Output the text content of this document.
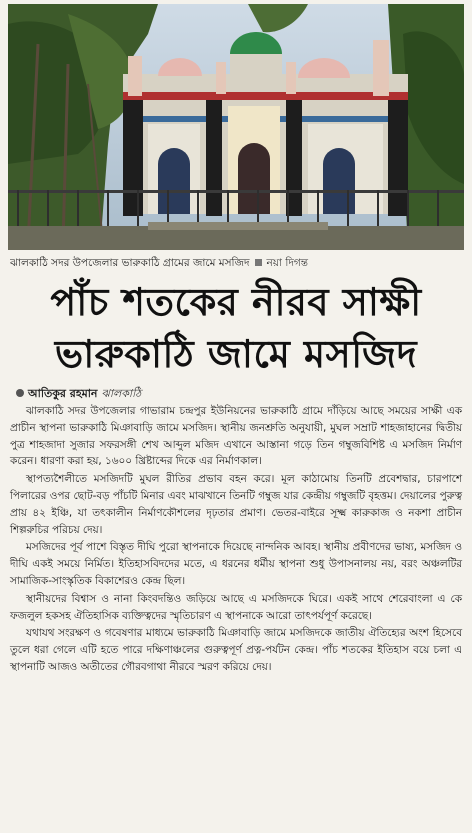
ঝালকাঠি সদর উপজেলার ভারুকাঠি গ্রামের জামে মসজিদ নয়া দিগন্ত
পাঁচ শতকের নীরব সাক্ষী
ভারুকাঠি জামে মসজিদ
আতিকুর রহমান ঝালকাঠি

ঝালকাঠি সদর উপজেলার গাভারাম চন্দ্রপুর ইউনিয়নের ভারুকাঠি গ্রামে দাঁড়িয়ে আছে সময়ের সাক্ষী এক প্রাচীন স্থাপনা ভারুকাঠি মিঞাবাড়ি জামে মসজিদ। স্থানীয় জনশ্রুতি অনুযায়ী, মুঘল সম্রাট শাহজাহানের দ্বিতীয় পুত্র শাহজাদা সুজার সফরসঙ্গী শেখ আব্দুল মজিদ এখানে আস্তানা গড়ে তিন গম্বুজবিশিষ্ট এ মসজিদ নির্মাণ করেন। ধারণা করা হয়, ১৬০০ খ্রিষ্টাব্দের দিকে এর নির্মাণকাল।

স্থাপত্যশৈলীতে মসজিদটি মুঘল রীতির প্রভাব বহন করে। মূল কাঠামোয় তিনটি প্রবেশদ্বার, চারপাশে পিলারের ওপর ছোট-বড় পাঁচটি মিনার এবং মাঝখানে তিনটি গম্বুজ যার কেন্দ্রীয় গম্বুজটি বৃহত্তম। দেয়ালের পুরুত্ব প্রায় ৪২ ইঞ্চি, যা তৎকালীন নির্মাণকৌশলের দৃঢ়তার প্রমাণ। ভেতর-বাইরে সূক্ষ্ম কারুকাজ ও নকশা প্রাচীন শিল্পরুচির পরিচয় দেয়।

মসজিদের পূর্ব পাশে বিস্তৃত দীঘি পুরো স্থাপনাকে দিয়েছে নান্দনিক আবহ। স্থানীয় প্রবীণদের ভাষ্য, মসজিদ ও দীঘি একই সময়ে নির্মিত। ইতিহাসবিদদের মতে, এ ধরনের ধর্মীয় স্থাপনা শুধু উপাসনালয় নয়, বরং অঞ্চলটির সামাজিক-সাংস্কৃতিক বিকাশেরও কেন্দ্র ছিল।

স্থানীয়দের বিশ্বাস ও নানা কিংবদন্তিও জড়িয়ে আছে এ মসজিদকে ঘিরে। একই সাথে শেরেবাংলা এ কে ফজলুল হকসহ ঐতিহাসিক ব্যক্তিত্বদের স্মৃতিচারণ এ স্থাপনাকে আরো তাৎপর্যপূর্ণ করেছে।

যথাযথ সংরক্ষণ ও গবেষণার মাধ্যমে ভারুকাঠি মিঞাবাড়ি জামে মসজিদকে জাতীয় ঐতিহ্যের অংশ হিসেবে তুলে ধরা গেলে এটি হতে পারে দক্ষিণাঞ্চলের গুরুত্বপূর্ণ প্রত্ন-পর্যটন কেন্দ্র। পাঁচ শতকের ইতিহাস বয়ে চলা এ স্থাপনাটি আজও অতীতের গৌরবগাথা নীরবে স্মরণ করিয়ে দেয়।
